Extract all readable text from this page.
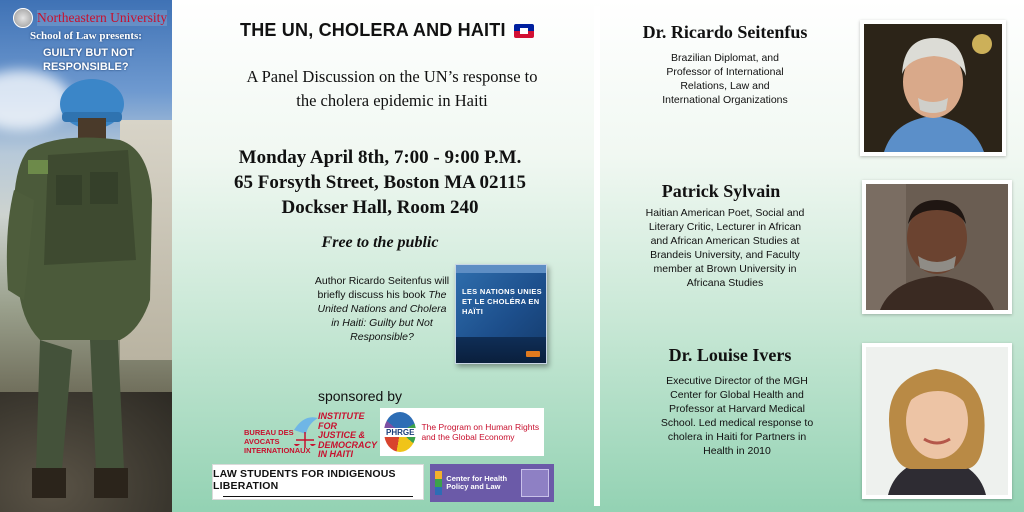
Northeastern University
School of Law presents:
GUILTY BUT NOT RESPONSIBLE?
THE UN, CHOLERA AND HAITI
A Panel Discussion on the UN’s response to
the cholera epidemic in Haiti
Monday April 8th, 7:00 - 9:00 P.M.
65 Forsyth Street, Boston MA 02115
Dockser Hall, Room 240
Free to the public
Author Ricardo Seitenfus will briefly discuss his book The United Nations and Cholera in Haiti: Guilty but Not Responsible?
LES NATIONS UNIES ET LE CHOLÉRA EN HAÏTI
sponsored by
BUREAU DES AVOCATS INTERNATIONAUX
INSTITUTE FOR JUSTICE & DEMOCRACY IN HAITI
PHRGE
The Program on Human Rights and the Global Economy
LAW STUDENTS FOR INDIGENOUS LIBERATION
Center for Health Policy and Law
Dr. Ricardo Seitenfus
Brazilian Diplomat, and Professor of International Relations, Law and International Organizations
Patrick Sylvain
Haitian American Poet, Social and Literary Critic, Lecturer in African and African American Studies at Brandeis University, and Faculty member at Brown University in Africana Studies
Dr. Louise Ivers
Executive Director of the MGH Center for Global Health and Professor at Harvard Medical School. Led medical response to cholera in Haiti for Partners in Health in 2010
